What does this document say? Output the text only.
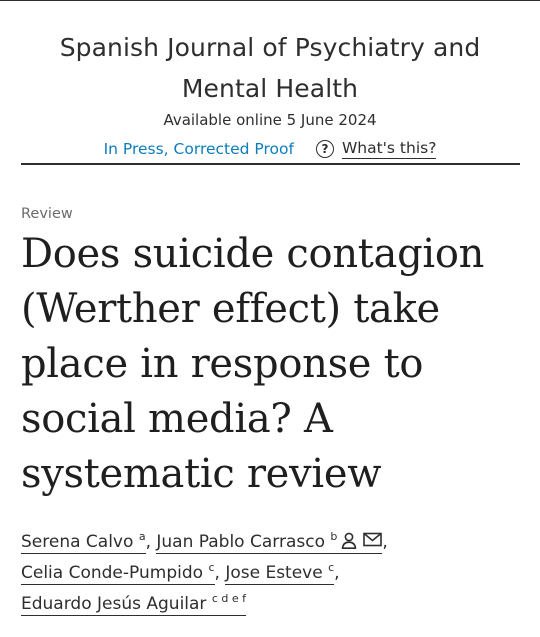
Spanish Journal of Psychiatry and Mental Health
Available online 5 June 2024
In Press, Corrected Proof	? What's this?
Review
Does suicide contagion (Werther effect) take place in response to social media? A systematic review
Serena Calvo $^a$, Juan Pablo Carrasco $^b$	,
Celia Conde-Pumpido $^c$, Jose Esteve $^c$,
Eduardo Jesús Aguilar $^{c d e f}$
